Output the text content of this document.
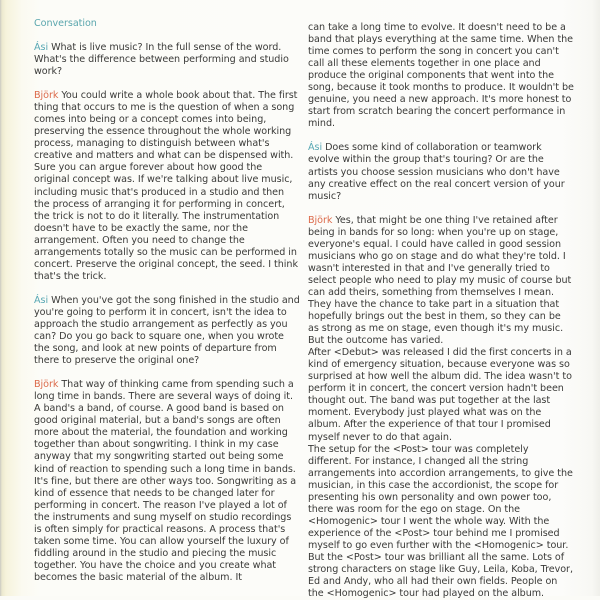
Conversation

Ási What is live music? In the full sense of the word. What's the difference between performing and studio work?

Björk You could write a whole book about that. The first thing that occurs to me is the question of when a song comes into being or a concept comes into being, preserving the essence throughout the whole working process, managing to distinguish between what's creative and matters and what can be dispensed with. Sure you can argue forever about how good the original concept was. If we're talking about live music, including music that's produced in a studio and then the process of arranging it for performing in concert, the trick is not to do it literally. The instrumentation doesn't have to be exactly the same, nor the arrangement. Often you need to change the arrangements totally so the music can be performed in concert. Preserve the original concept, the seed. I think that's the trick.

Ási When you've got the song finished in the studio and you're going to perform it in concert, isn't the idea to approach the studio arrangement as perfectly as you can? Do you go back to square one, when you wrote the song, and look at new points of departure from there to preserve the original one?

Björk That way of thinking came from spending such a long time in bands. There are several ways of doing it. A band's a band, of course. A good band is based on good original material, but a band's songs are often more about the material, the foundation and working together than about songwriting. I think in my case anyway that my songwriting started out being some kind of reaction to spending such a long time in bands. It's fine, but there are other ways too. Songwriting as a kind of essence that needs to be changed later for performing in concert. The reason I've played a lot of the instruments and sung myself on studio recordings is often simply for practical reasons. A process that's taken some time. You can allow yourself the luxury of fiddling around in the studio and piecing the music together. You have the choice and you create what becomes the basic material of the album. It

can take a long time to evolve. It doesn't need to be a band that plays everything at the same time. When the time comes to perform the song in concert you can't call all these elements together in one place and produce the original components that went into the song, because it took months to produce. It wouldn't be genuine, you need a new approach. It's more honest to start from scratch bearing the concert performance in mind.

Ási Does some kind of collaboration or teamwork evolve within the group that's touring? Or are the artists you choose session musicians who don't have any creative effect on the real concert version of your music?

Björk Yes, that might be one thing I've retained after being in bands for so long: when you're up on stage, everyone's equal. I could have called in good session musicians who go on stage and do what they're told. I wasn't interested in that and I've generally tried to select people who need to play my music of course but can add theirs, something from themselves I mean. They have the chance to take part in a situation that hopefully brings out the best in them, so they can be as strong as me on stage, even though it's my music. But the outcome has varied.

After <Debut> was released I did the first concerts in a kind of emergency situation, because everyone was so surprised at how well the album did. The idea wasn't to perform it in concert, the concert version hadn't been thought out. The band was put together at the last moment. Everybody just played what was on the album. After the experience of that tour I promised myself never to do that again.

The setup for the <Post> tour was completely different. For instance, I changed all the string arrangements into accordion arrangements, to give the musician, in this case the accordionist, the scope for presenting his own personality and own power too, there was room for the ego on stage. On the <Homogenic> tour I went the whole way. With the experience of the <Post> tour behind me I promised myself to go even further with the <Homogenic> tour. But the <Post> tour was brilliant all the same. Lots of strong characters on stage like Guy, Leila, Koba, Trevor, Ed and Andy, who all had their own fields. People on the <Homogenic> tour had played on the album.
